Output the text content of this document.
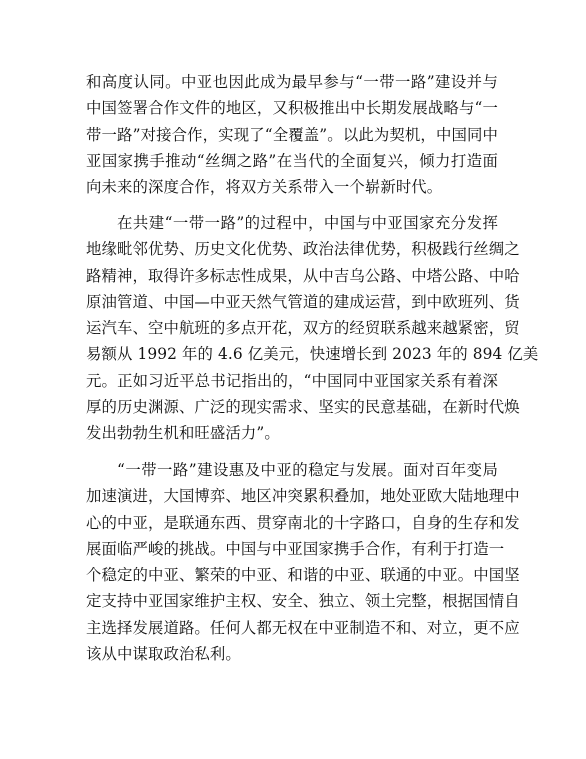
和高度认同。中亚也因此成为最早参与“一带一路”建设并与
中国签署合作文件的地区，又积极推出中长期发展战略与“一
带一路”对接合作，实现了“全覆盖”。以此为契机，中国同中
亚国家携手推动“丝绸之路”在当代的全面复兴，倾力打造面
向未来的深度合作，将双方关系带入一个崭新时代。
在共建“一带一路”的过程中，中国与中亚国家充分发挥
地缘毗邻优势、历史文化优势、政治法律优势，积极践行丝绸之
路精神，取得许多标志性成果，从中吉乌公路、中塔公路、中哈
原油管道、中国—中亚天然气管道的建成运营，到中欧班列、货
运汽车、空中航班的多点开花，双方的经贸联系越来越紧密，贸
易额从 1992 年的 4.6 亿美元，快速增长到 2023 年的 894 亿美
元。正如习近平总书记指出的，“中国同中亚国家关系有着深
厚的历史渊源、广泛的现实需求、坚实的民意基础，在新时代焕
发出勃勃生机和旺盛活力”。
“一带一路”建设惠及中亚的稳定与发展。面对百年变局
加速演进，大国博弈、地区冲突累积叠加，地处亚欧大陆地理中
心的中亚，是联通东西、贯穿南北的十字路口，自身的生存和发
展面临严峻的挑战。中国与中亚国家携手合作，有利于打造一
个稳定的中亚、繁荣的中亚、和谐的中亚、联通的中亚。中国坚
定支持中亚国家维护主权、安全、独立、领土完整，根据国情自
主选择发展道路。任何人都无权在中亚制造不和、对立，更不应
该从中谋取政治私利。
